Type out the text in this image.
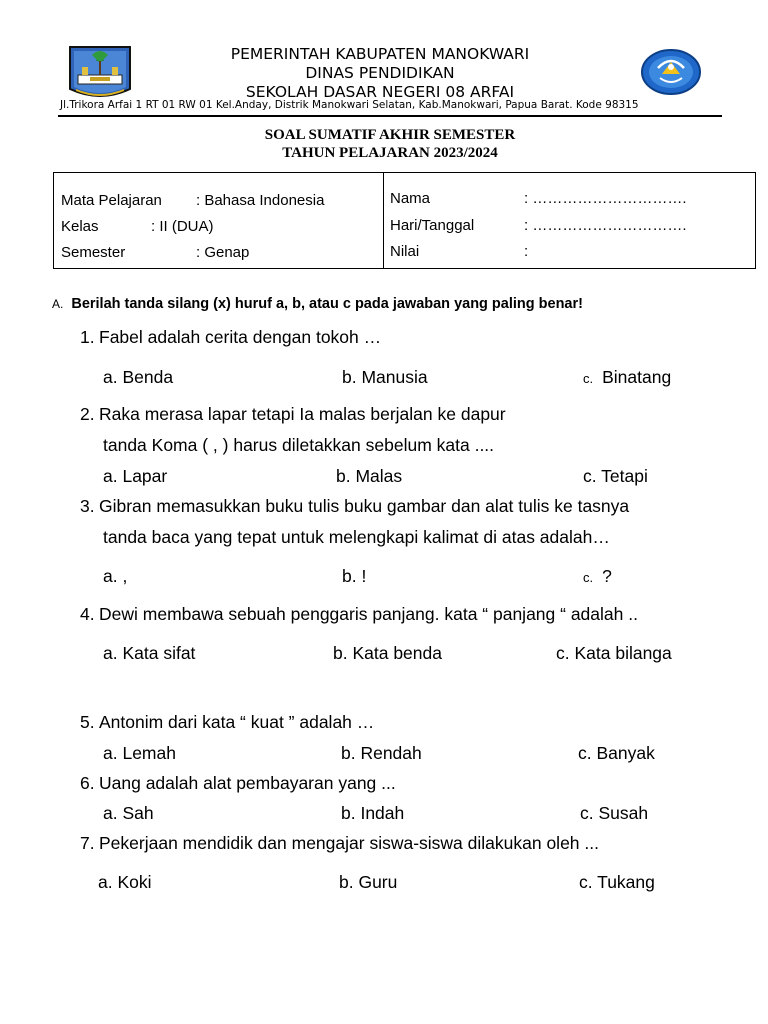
PEMERINTAH KABUPATEN MANOKWARI
DINAS PENDIDIKAN
SEKOLAH DASAR NEGERI 08 ARFAI
Jl.Trikora Arfai 1 RT 01 RW 01 Kel.Anday, Distrik Manokwari Selatan, Kab.Manokwari, Papua Barat. Kode 98315
SOAL SUMATIF AKHIR SEMESTER
TAHUN PELAJARAN 2023/2024
Mata Pelajaran : Bahasa Indonesia
Kelas	: II (DUA)
Semester	: Genap
Nama	: ………………………….
Hari/Tanggal	: ………………………….
Nilai	:
A. Berilah tanda silang (x) huruf a, b, atau c pada jawaban yang paling benar!
1. Fabel adalah cerita dengan tokoh …
a. Benda	b. Manusia	c. Binatang
2. Raka merasa lapar tetapi Ia malas berjalan ke dapur
tanda Koma ( , ) harus diletakkan sebelum kata ....
a. Lapar	b. Malas	c. Tetapi
3. Gibran memasukkan buku tulis buku gambar dan alat tulis ke tasnya
tanda baca yang tepat untuk melengkapi kalimat di atas adalah…
a. ,	b. !	c. ?
4. Dewi membawa sebuah penggaris panjang. kata “ panjang “ adalah ..
a. Kata sifat	b. Kata benda	c. Kata bilanga
5. Antonim dari kata “ kuat ” adalah …
a. Lemah	b. Rendah	c. Banyak
6. Uang adalah alat pembayaran yang ...
a. Sah	b. Indah	c. Susah
7. Pekerjaan mendidik dan mengajar siswa-siswa dilakukan oleh ...
a. Koki	b. Guru	c. Tukang
